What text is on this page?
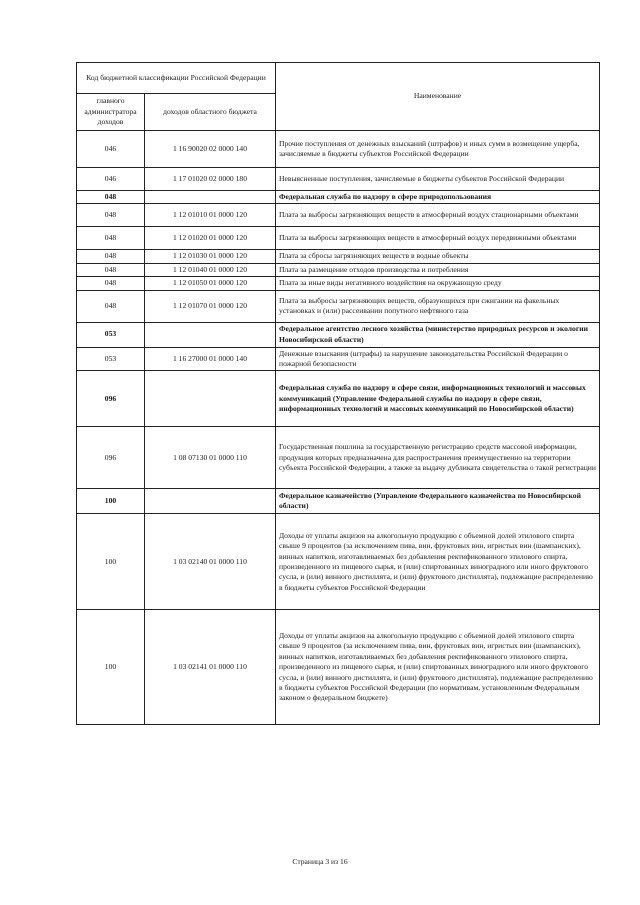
Код бюджетной классификации Российской Федерации		Наименование
главного администратора доходов	доходов областного бюджета	
046	1 16 90020 02 0000 140	Прочие поступления от денежных взысканий (штрафов) и иных сумм в возмещение ущерба, зачисляемые в бюджеты субъектов Российской Федерации
046	1 17 01020 02 0000 180	Невыясненные поступления, зачисляемые в бюджеты субъектов Российской Федерации
048		Федеральная служба по надзору в сфере природопользования
048	1 12 01010 01 0000 120	Плата за выбросы загрязняющих веществ в атмосферный воздух стационарными объектами
048	1 12 01020 01 0000 120	Плата за выбросы загрязняющих веществ в атмосферный воздух передвижными объектами
048	1 12 01030 01 0000 120	Плата за сбросы загрязняющих веществ в водные объекты
048	1 12 01040 01 0000 120	Плата за размещение отходов производства и потребления
048	1 12 01050 01 0000 120	Плата за иные виды негативного воздействия на окружающую среду
048	1 12 01070 01 0000 120	Плата за выбросы загрязняющих веществ, образующихся при сжигании на факельных установках и (или) рассеивании попутного нефтяного газа
053		Федеральное агентство лесного хозяйства (министерство природных ресурсов и экологии Новосибирской области)
053	1 16 27000 01 0000 140	Денежные взыскания (штрафы) за нарушение законодательства Российской Федерации о пожарной безопасности
096		Федеральная служба по надзору в сфере связи, информационных технологий и массовых коммуникаций (Управление Федеральной службы по надзору в сфере связи, информационных технологий и массовых коммуникаций по Новосибирской области)
096	1 08 07130 01 0000 110	Государственная пошлина за государственную регистрацию средств массовой информации, продукция которых предназначена для распространения преимущественно на территории субъекта Российской Федерации, а также за выдачу дубликата свидетельства о такой регистрации
100		Федеральное казначейство (Управление Федерального казначейства по Новосибирской области)
100	1 03 02140 01 0000 110	Доходы от уплаты акцизов на алкогольную продукцию с объемной долей этилового спирта свыше 9 процентов (за исключением пива, вин, фруктовых вин, игристых вин (шампанских), винных напитков, изготавливаемых без добавления ректификованного этилового спирта, произведенного из пищевого сырья, и (или) спиртованных виноградного или иного фруктового сусла, и (или) винного дистиллята, и (или) фруктового дистиллята), подлежащие распределению в бюджеты субъектов Российской Федерации
100	1 03 02141 01 0000 110	Доходы от уплаты акцизов на алкогольную продукцию с объемной долей этилового спирта свыше 9 процентов (за исключением пива, вин, фруктовых вин, игристых вин (шампанских), винных напитков, изготавливаемых без добавления ректификованного этилового спирта, произведенного из пищевого сырья, и (или) спиртованных виноградного или иного фруктового сусла, и (или) винного дистиллята, и (или) фруктового дистиллята), подлежащие распределению в бюджеты субъектов Российской Федерации (по нормативам, установленным Федеральным законом о федеральном бюджете)
Страница 3 из 16
